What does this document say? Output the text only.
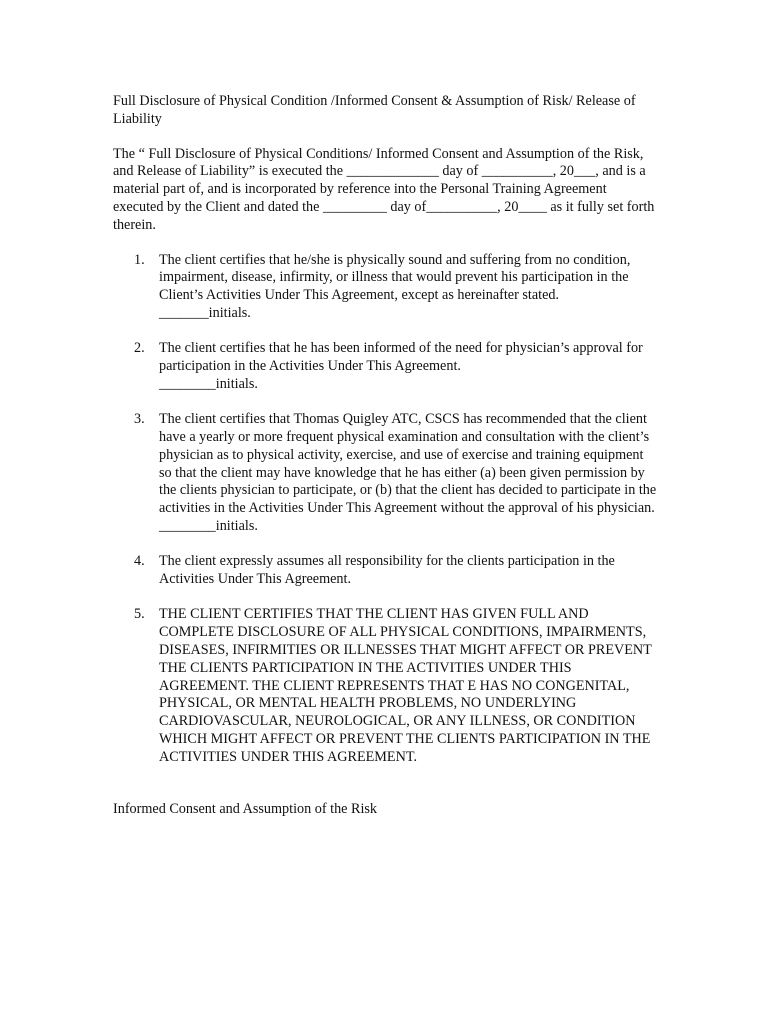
Full Disclosure of Physical Condition /Informed Consent & Assumption of Risk/ Release of Liability
The “ Full Disclosure of Physical Conditions/ Informed Consent and Assumption of the Risk, and Release of Liability” is executed the _____________ day of __________, 20___, and is a material part of, and is incorporated by reference into the Personal Training Agreement executed by the Client and dated the _________ day of__________, 20____ as it fully set forth therein.
1. The client certifies that he/she is physically sound and suffering from no condition, impairment, disease, infirmity, or illness that would prevent his participation in the Client’s Activities Under This Agreement, except as hereinafter stated.
_______initials.
2. The client certifies that he has been informed of the need for physician’s approval for participation in the Activities Under This Agreement.
________initials.
3. The client certifies that Thomas Quigley ATC, CSCS has recommended that the client have a yearly or more frequent physical examination and consultation with the client’s physician as to physical activity, exercise, and use of exercise and training equipment so that the client may have knowledge that he has either (a) been given permission by the clients physician to participate, or (b) that the client has decided to participate in the activities in the Activities Under This Agreement without the approval of his physician.
________initials.
4. The client expressly assumes all responsibility for the clients participation in the Activities Under This Agreement.
5. THE CLIENT CERTIFIES THAT THE CLIENT HAS GIVEN FULL AND COMPLETE DISCLOSURE OF ALL PHYSICAL CONDITIONS, IMPAIRMENTS, DISEASES, INFIRMITIES OR ILLNESSES THAT MIGHT AFFECT OR PREVENT THE CLIENTS PARTICIPATION IN THE ACTIVITIES UNDER THIS AGREEMENT. THE CLIENT REPRESENTS THAT E HAS NO CONGENITAL, PHYSICAL, OR MENTAL HEALTH PROBLEMS, NO UNDERLYING CARDIOVASCULAR, NEUROLOGICAL, OR ANY ILLNESS, OR CONDITION WHICH MIGHT AFFECT OR PREVENT THE CLIENTS PARTICIPATION IN THE ACTIVITIES UNDER THIS AGREEMENT.
Informed Consent and Assumption of the Risk
